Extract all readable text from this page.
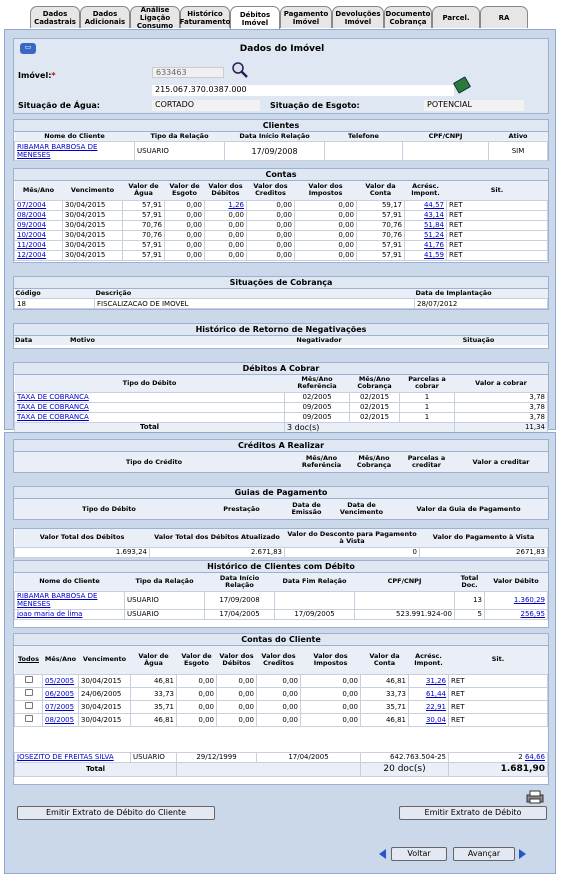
Dados
Cadastrais
Dados
Adicionais
Análise
Ligação
Consumo
Histórico
Faturamento
Débitos
Imóvel
Pagamento
Imóvel
Devoluções
Imóvel
Documento
Cobrança	Parcel.	RA
▭	Dados do Imóvel
Imóvel:*	633463
215.067.370.0387.000
Situação de Água:	CORTADO	Situação de Esgoto:	POTENCIAL
Clientes
Nome do Cliente	Tipo da Relação	Data Início Relação	Telefone	CPF/CNPJ	Ativo
RIBAMAR BARBOSA DE MENESES	USUARIO	17/09/2008			SIM
Contas
Mês/Ano	Vencimento	Valor de Água	Valor de Esgoto	Valor dos Débitos	Valor dos Creditos	Valor dos Impostos	Valor da Conta	Acrésc. Impont.	Sit.
07/2004	30/04/2015	57,91	0,00	1,26	0,00	0,00	59,17	44,57	RET
08/2004	30/04/2015	57,91	0,00	0,00	0,00	0,00	57,91	43,14	RET
09/2004	30/04/2015	70,76	0,00	0,00	0,00	0,00	70,76	51,84	RET
10/2004	30/04/2015	70,76	0,00	0,00	0,00	0,00	70,76	51,24	RET
11/2004	30/04/2015	57,91	0,00	0,00	0,00	0,00	57,91	41,76	RET
12/2004	30/04/2015	57,91	0,00	0,00	0,00	0,00	57,91	41,59	RET
Situações de Cobrança
Código	Descrição	Data de Implantação
18	FISCALIZACAO DE IMOVEL	28/07/2012
Histórico de Retorno de Negativações
Data	Motivo	Negativador	Situação
Débitos A Cobrar
Tipo do Débito	Mês/Ano Referência	Mês/Ano Cobrança	Parcelas a cobrar	Valor a cobrar
TAXA DE COBRANCA	02/2005	02/2015	1	3,78
TAXA DE COBRANCA	09/2005	02/2015	1	3,78
TAXA DE COBRANCA	09/2005	02/2015	1	3,78
Total	3 doc(s)			11,34
Créditos A Realizar
Tipo do Crédito	Mês/Ano Referência	Mês/Ano Cobrança	Parcelas a creditar	Valor a creditar
Guias de Pagamento
Tipo do Débito	Prestação	Data de Emissão	Data de Vencimento	Valor da Guia de Pagamento
Valor Total dos Débitos	Valor Total dos Débitos Atualizado	Valor do Desconto para Pagamento à Vista	Valor do Pagamento à Vista
1.693,24	2.671,83	0	2671,83
Histórico de Clientes com Débito
Nome do Cliente	Tipo da Relação	Data Início Relação	Data Fim Relação	CPF/CNPJ	Total Doc.	Valor Débito
RIBAMAR BARBOSA DE MENESES	USUARIO	17/09/2008			13	1.360,29
joao maria de lima	USUARIO	17/04/2005	17/09/2005	523.991.924-00	5	256,95
Contas do Cliente
Todos	Mês/Ano	Vencimento	Valor de Água	Valor de Esgoto	Valor dos Débitos	Valor dos Creditos	Valor dos Impostos	Valor da Conta	Acrésc. Impont.	Sit.
	05/2005	30/04/2015	46,81	0,00	0,00	0,00	0,00	46,81	31,26	RET
	06/2005	24/06/2005	33,73	0,00	0,00	0,00	0,00	33,73	61,44	RET
	07/2005	30/04/2015	35,71	0,00	0,00	0,00	0,00	35,71	22,91	RET
	08/2005	30/04/2015	46,81	0,00	0,00	0,00	0,00	46,81	30,04	RET

JOSEZITO DE FREITAS SILVA			USUARIO	29/12/1999		17/04/2005		642.763.504-25		2 64,66
Total								20 doc(s)		1.681,90
Emitir Extrato de Débito do Cliente	Emitir Extrato de Débito
Voltar	Avançar
